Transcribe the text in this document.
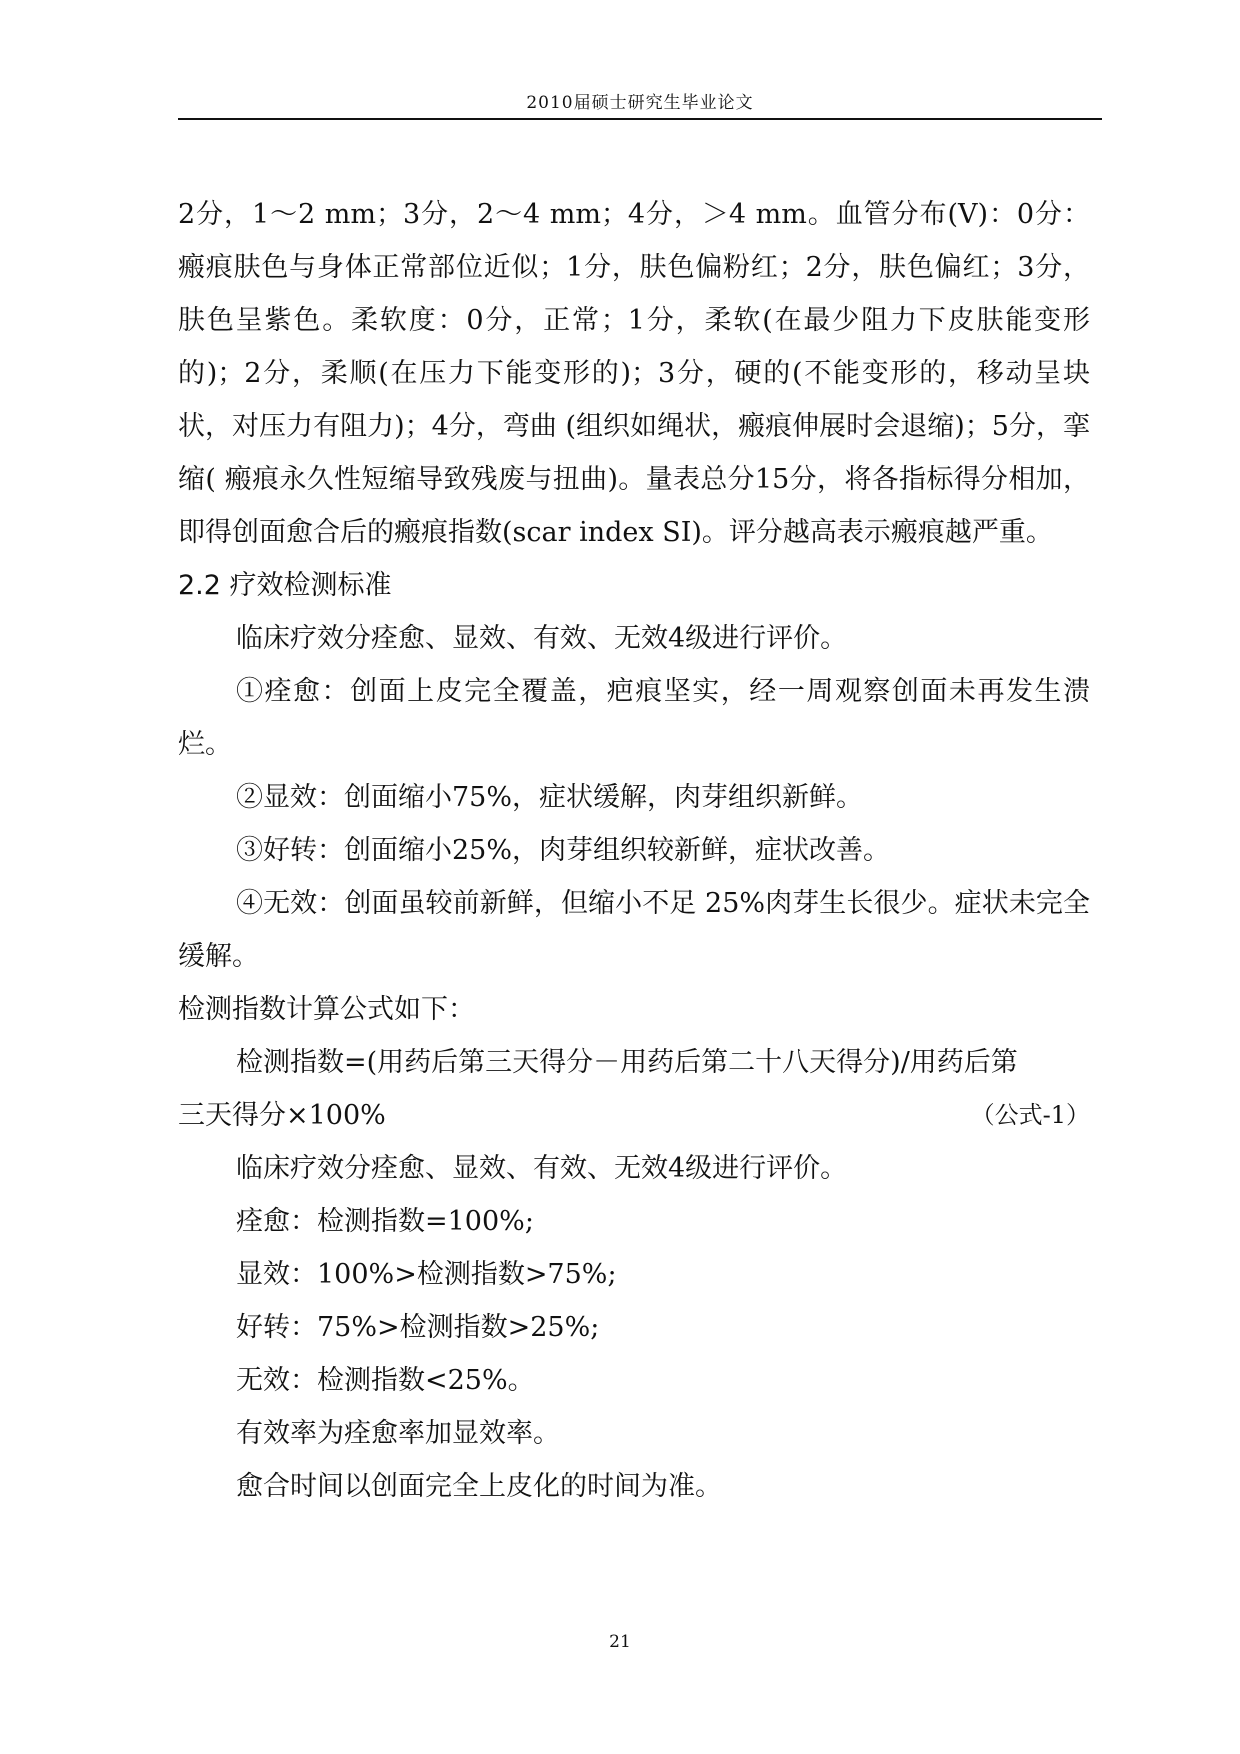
2010届硕士研究生毕业论文

2分，1～2 mm；3分，2～4 mm；4分，＞4 mm。血管分布(V)：0分：瘢痕肤色与身体正常部位近似；1分，肤色偏粉红；2分，肤色偏红；3分，肤色呈紫色。柔软度：0分，正常；1分，柔软(在最少阻力下皮肤能变形的)；2分，柔顺(在压力下能变形的)；3分，硬的(不能变形的，移动呈块状，对压力有阻力)；4分，弯曲 (组织如绳状，瘢痕伸展时会退缩)；5分，挛缩( 瘢痕永久性短缩导致残废与扭曲)。量表总分15分，将各指标得分相加，即得创面愈合后的瘢痕指数(scar index SI)。评分越高表示瘢痕越严重。

2.2 疗效检测标准

临床疗效分痊愈、显效、有效、无效4级进行评价。

①痊愈：创面上皮完全覆盖，疤痕坚实，经一周观察创面未再发生溃烂。

②显效：创面缩小75%，症状缓解，肉芽组织新鲜。

③好转：创面缩小25%，肉芽组织较新鲜，症状改善。

④无效：创面虽较前新鲜，但缩小不足 25%肉芽生长很少。症状未完全缓解。

检测指数计算公式如下：

检测指数=(用药后第三天得分－用药后第二十八天得分)/用药后第

三天得分×100%	（公式-1）

临床疗效分痊愈、显效、有效、无效4级进行评价。

痊愈：检测指数=100%;

显效：100%>检测指数>75%;

好转：75%>检测指数>25%;

无效：检测指数<25%。

有效率为痊愈率加显效率。

愈合时间以创面完全上皮化的时间为准。

21
